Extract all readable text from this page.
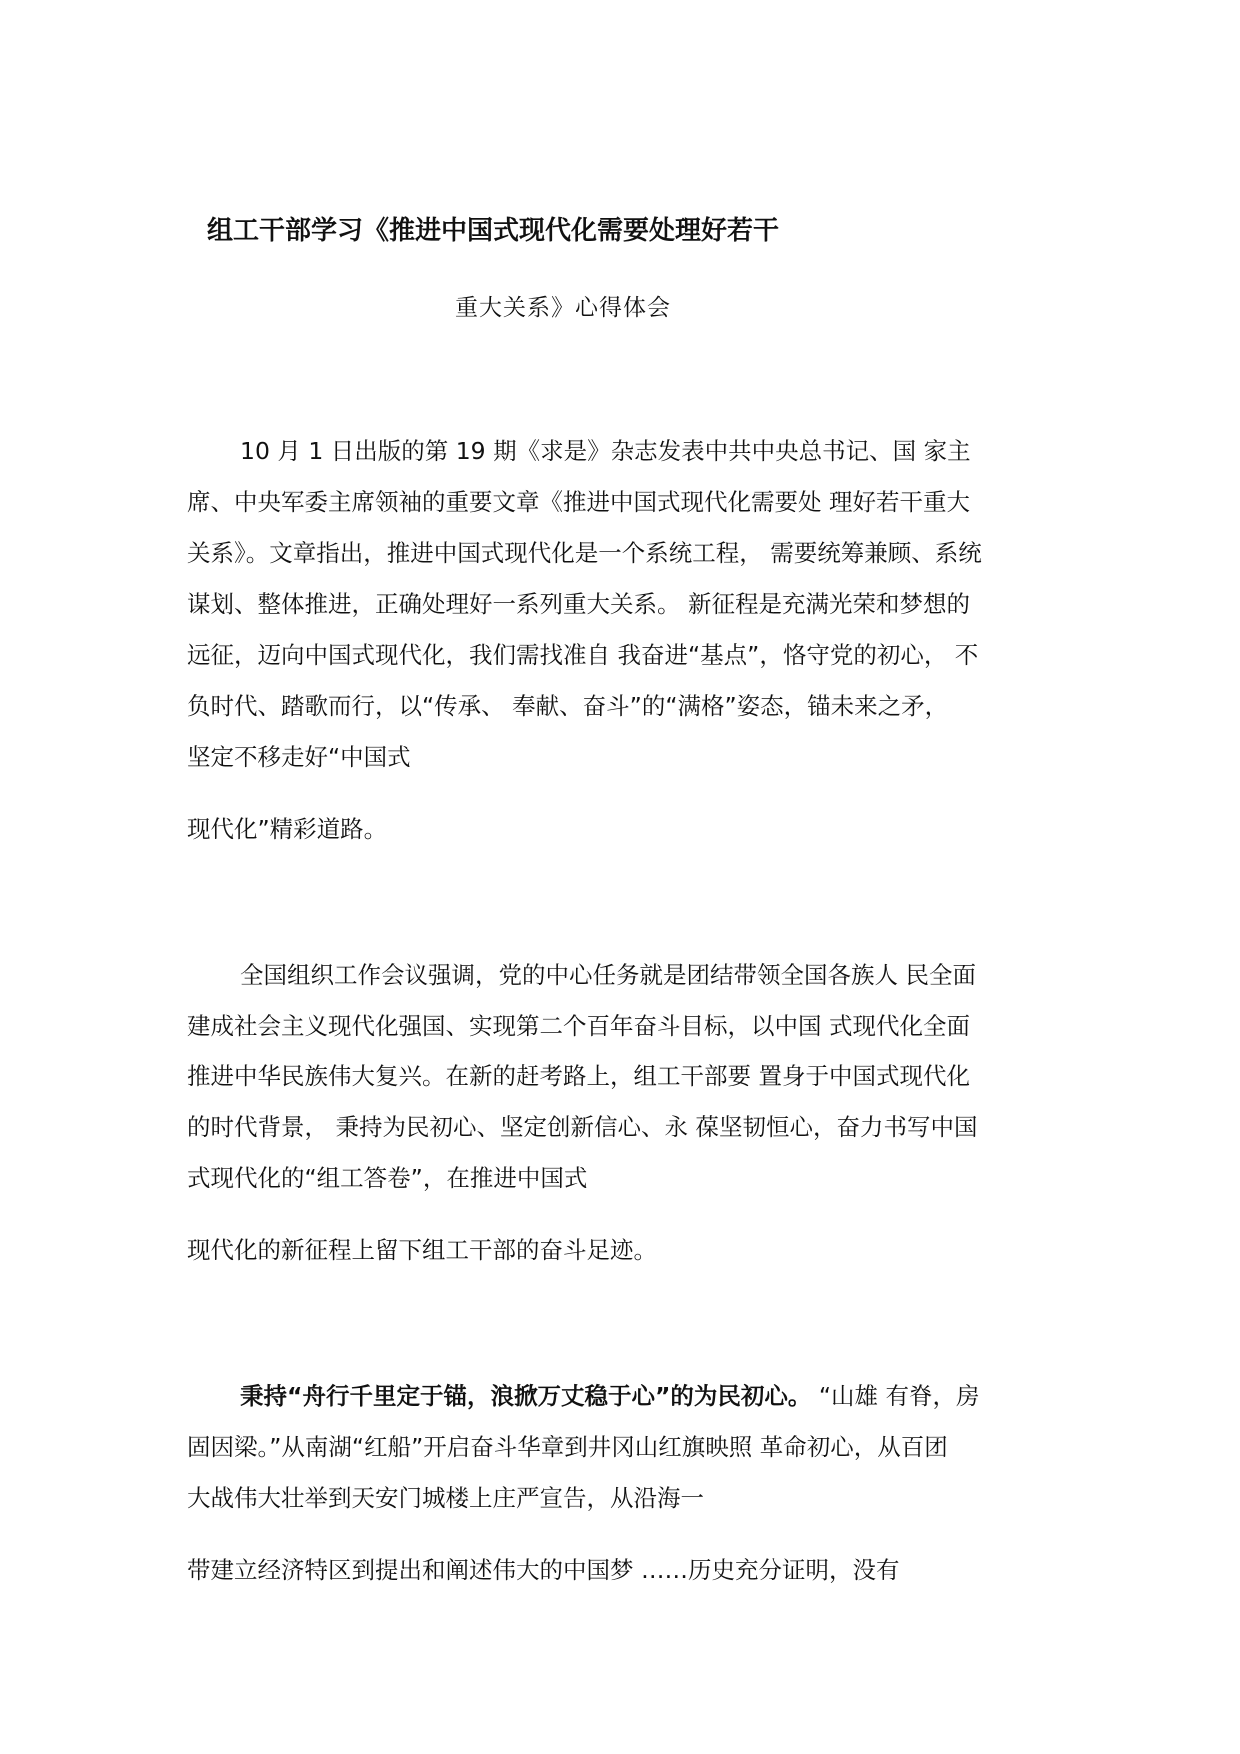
组工干部学习《推进中国式现代化需要处理好若干
重大关系》心得体会
10 月 1 日出版的第 19 期《求是》杂志发表中共中央总书记、国 家主
席、中央军委主席领袖的重要文章《推进中国式现代化需要处 理好若干重大
关系》。文章指出，推进中国式现代化是一个系统工程， 需要统筹兼顾、系统
谋划、整体推进，正确处理好一系列重大关系。 新征程是充满光荣和梦想的
远征，迈向中国式现代化，我们需找准自 我奋进“基点”，恪守党的初心， 不
负时代、踏歌而行，以“传承、 奉献、奋斗”的“满格”姿态，锚未来之矛，
坚定不移走好“中国式
现代化”精彩道路。
全国组织工作会议强调，党的中心任务就是团结带领全国各族人 民全面
建成社会主义现代化强国、实现第二个百年奋斗目标，以中国 式现代化全面
推进中华民族伟大复兴。在新的赶考路上，组工干部要 置身于中国式现代化
的时代背景， 秉持为民初心、坚定创新信心、永 葆坚韧恒心，奋力书写中国
式现代化的“组工答卷”，在推进中国式
现代化的新征程上留下组工干部的奋斗足迹。
秉持“舟行千里定于锚，浪掀万丈稳于心”的为民初心。 “山雄 有脊，房
固因梁。”从南湖“红船”开启奋斗华章到井冈山红旗映照 革命初心，从百团
大战伟大壮举到天安门城楼上庄严宣告，从沿海一
带建立经济特区到提出和阐述伟大的中国梦 ……历史充分证明，没有
